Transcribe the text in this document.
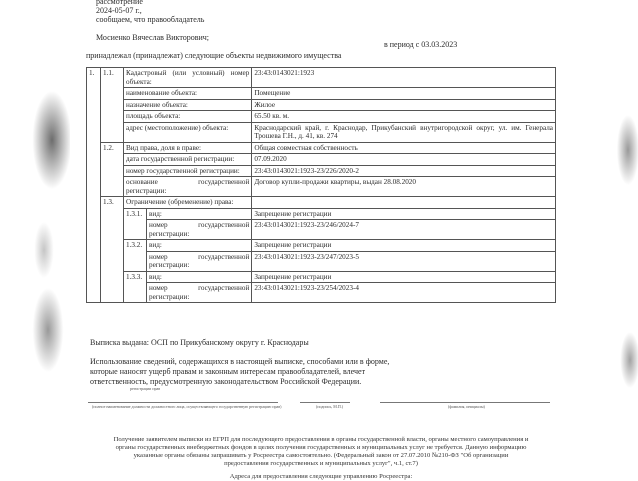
рассмотрение
2024-05-07 г.,
сообщаем, что правообладатель
Мосиенко Вячеслав Викторович;
в период с 03.03.2023
принадлежал (принадлежат) следующие объекты недвижимого имущества
1.	1.1.	Кадастровый (или условный) номер объекта:		23:43:0143021:1923
		наименование объекта:		Помещение
		назначение объекта:		Жилое
		площадь объекта:		65.50 кв. м.
		адрес (местоположение) объекта:		Краснодарский край, г. Краснодар, Прикубанский внутригородской округ, ул. им. Генерала Трошева Г.Н., д. 41, кв. 274
	1.2.	Вид права, доля в праве:		Общая совместная собственность
		дата государственной регистрации:		07.09.2020
		номер государственной регистрации:		23:43:0143021:1923-23/226/2020-2
		основание государственной регистрации:		Договор купли-продажи квартиры, выдан 28.08.2020
	1.3.	Ограничение (обременение) права:		
		1.3.1.	вид:	Запрещение регистрации
			номер государственной регистрации:	23:43:0143021:1923-23/246/2024-7
		1.3.2.	вид:	Запрещение регистрации
			номер государственной регистрации:	23:43:0143021:1923-23/247/2023-5
		1.3.3.	вид:	Запрещение регистрации
			номер государственной регистрации:	23:43:0143021:1923-23/254/2023-4
Выписка выдана: ОСП по Прикубанскому округу г. Краснодары
Использование сведений, содержащихся в настоящей выписке, способами или в форме,
которые наносят ущерб правам и законным интересам правообладателей, влечет
ответственность, предусмотренную законодательством Российской Федерации.
регистрации прав
(полное наименование должности должностного лица, осуществляющего государственную регистрацию прав)	(подпись, М.П.)	(фамилия, инициалы)
Получение заявителем выписки из ЕГРП для последующего предоставления в органы государственной власти, органы местного самоуправления и
органы государственных внебюджетных фондов в целях получения государственных и муниципальных услуг не требуется. Данную информацию
указанные органы обязаны запрашивать у Росреестра самостоятельно. (Федеральный закон от 27.07.2010 №210-ФЗ "Об организации
предоставления государственных и муниципальных услуг", ч.1, ст.7)
Адреса для предоставления следующие управлению Росреестра:
